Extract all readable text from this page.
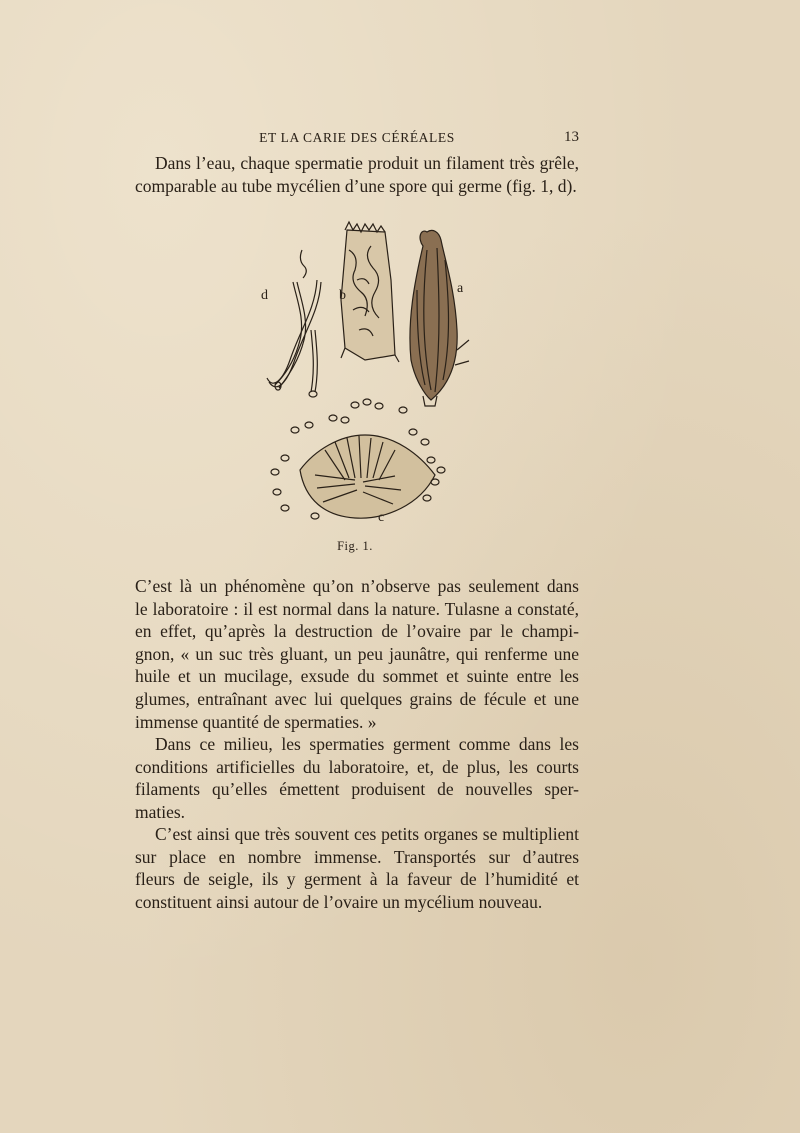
ET LA CARIE DES CÉRÉALES	13
Dans l’eau, chaque spermatie produit un filament très grêle,
comparable au tube mycélien d’une spore qui germe (fig. 1, d).
d	b	a
c
Fig. 1.
C’est là un phénomène qu’on n’observe pas seulement dans
le laboratoire : il est normal dans la nature. Tulasne a constaté,
en effet, qu’après la destruction de l’ovaire par le champi-
gnon, « un suc très gluant, un peu jaunâtre, qui renferme une
huile et un mucilage, exsude du sommet et suinte entre les
glumes, entraînant avec lui quelques grains de fécule et une
immense quantité de spermaties. »
Dans ce milieu, les spermaties germent comme dans les
conditions artificielles du laboratoire, et, de plus, les courts
filaments qu’elles émettent produisent de nouvelles sper-
maties.
C’est ainsi que très souvent ces petits organes se multiplient
sur place en nombre immense. Transportés sur d’autres
fleurs de seigle, ils y germent à la faveur de l’humidité et
constituent ainsi autour de l’ovaire un mycélium nouveau.
